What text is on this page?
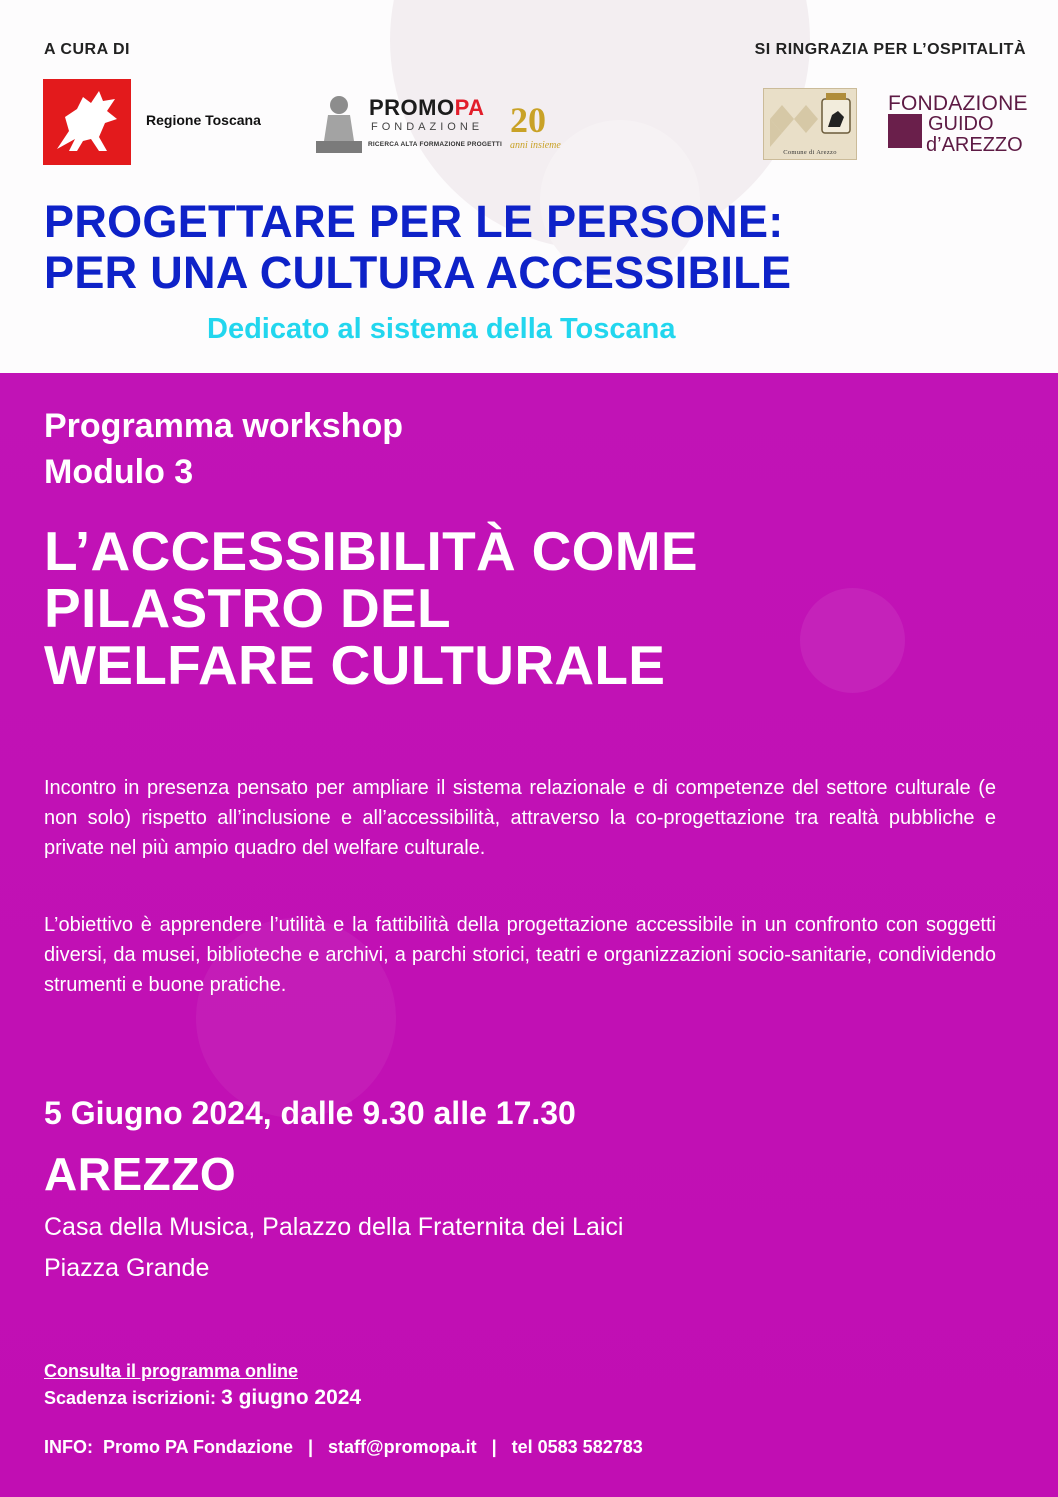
A CURA DI	SI RINGRAZIA PER L’OSPITALITÀ
Regione Toscana	PROMOPA
FONDAZIONE
RICERCA ALTA FORMAZIONE PROGETTI
20
anni insieme
Comune di Arezzo
FONDAZIONE
GUIDO
d’AREZZO
PROGETTARE PER LE PERSONE:
PER UNA CULTURA ACCESSIBILE
Dedicato al sistema della Toscana
Programma workshop
Modulo 3
L’ACCESSIBILITÀ COME
PILASTRO DEL
WELFARE CULTURALE

Incontro in presenza pensato per ampliare il sistema relazionale e di competenze del settore culturale (e non solo) rispetto all’inclusione e all’accessibilità, attraverso la co-progettazione tra realtà pubbliche e private nel più ampio quadro del welfare culturale.

L’obiettivo è apprendere l’utilità e la fattibilità della progettazione accessibile in un confronto con soggetti diversi, da musei, biblioteche e archivi, a parchi storici, teatri e organizzazioni socio-sanitarie, condividendo strumenti e buone pratiche.

5 Giugno 2024, dalle 9.30 alle 17.30
AREZZO
Casa della Musica, Palazzo della Fraternita dei Laici
Piazza Grande
Consulta il programma online
Scadenza iscrizioni: 3 giugno 2024
INFO:  Promo PA Fondazione   |   staff@promopa.it   |   tel 0583 582783
